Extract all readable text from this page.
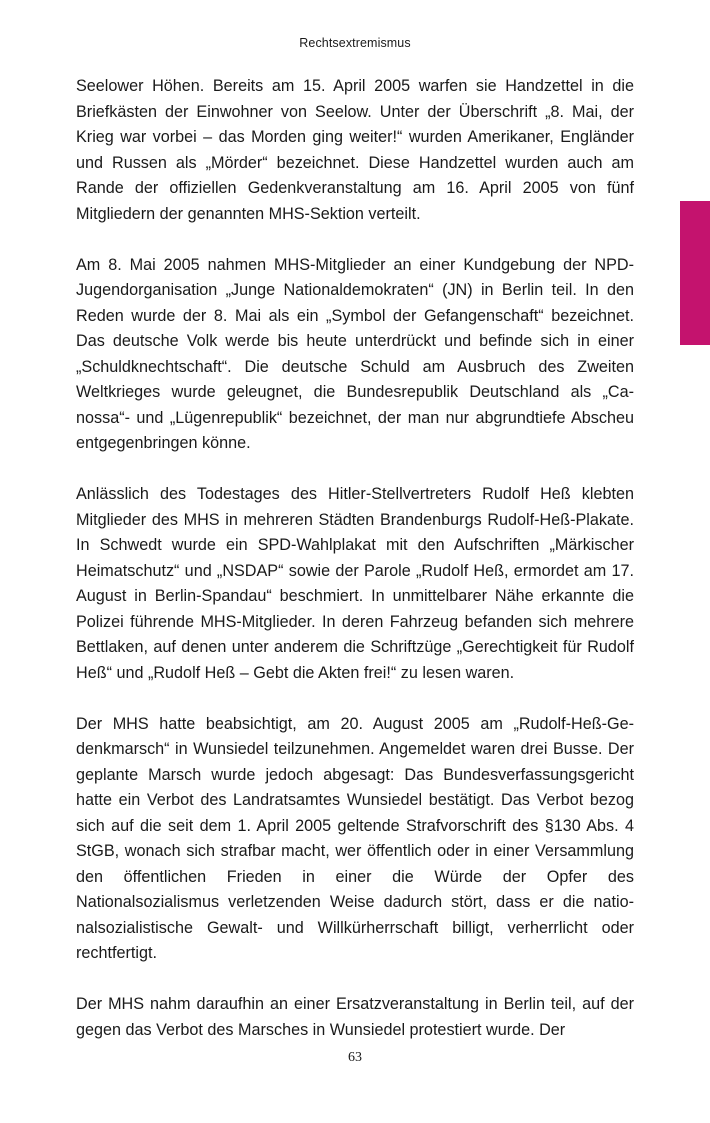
Rechtsextremismus

Seelower Höhen. Bereits am 15. April 2005 warfen sie Handzettel in die Briefkästen der Einwohner von Seelow. Unter der Überschrift „8. Mai, der Krieg war vorbei – das Morden ging weiter!“ wurden Amerikaner, Engländer und Russen als „Mörder“ bezeichnet. Diese Handzettel wurden auch am Rande der offiziellen Gedenkveranstaltung am 16. April 2005 von fünf Mitgliedern der genannten MHS-Sektion verteilt.

Am 8. Mai 2005 nahmen MHS-Mitglieder an einer Kundgebung der NPD-Jugendorganisation „Junge Nationaldemokraten“ (JN) in Berlin teil. In den Reden wurde der 8. Mai als ein „Symbol der Gefangenschaft“ bezeichnet. Das deutsche Volk werde bis heute unterdrückt und befinde sich in einer „Schuldknechtschaft“. Die deutsche Schuld am Ausbruch des Zweiten Weltkrieges wurde geleugnet, die Bundesrepublik Deutschland als „Canossa“- und „Lügenrepublik“ bezeichnet, der man nur abgrundtiefe Abscheu entgegenbringen könne.

Anlässlich des Todestages des Hitler-Stellvertreters Rudolf Heß klebten Mitglieder des MHS in mehreren Städten Brandenburgs Rudolf-Heß-Plakate. In Schwedt wurde ein SPD-Wahlplakat mit den Aufschriften „Märkischer Heimatschutz“ und „NSDAP“ sowie der Parole „Rudolf Heß, ermordet am 17. August in Berlin-Spandau“ beschmiert. In unmittelbarer Nähe erkannte die Polizei führende MHS-Mitglieder. In deren Fahrzeug befanden sich mehrere Bettlaken, auf denen unter anderem die Schriftzüge „Gerechtigkeit für Rudolf Heß“ und „Rudolf Heß – Gebt die Akten frei!“ zu lesen waren.

Der MHS hatte beabsichtigt, am 20. August 2005 am „Rudolf-Heß-Gedenkmarsch“ in Wunsiedel teilzunehmen. Angemeldet waren drei Busse. Der geplante Marsch wurde jedoch abgesagt: Das Bundesverfassungsgericht hatte ein Verbot des Landratsamtes Wunsiedel bestätigt. Das Verbot bezog sich auf die seit dem 1. April 2005 geltende Strafvorschrift des §130 Abs. 4 StGB, wonach sich strafbar macht, wer öffentlich oder in einer Versammlung den öffentlichen Frieden in einer die Würde der Opfer des Nationalsozialismus verletzenden Weise dadurch stört, dass er die nationalsozialistische Gewalt- und Willkürherrschaft billigt, verherrlicht oder rechtfertigt.

Der MHS nahm daraufhin an einer Ersatzveranstaltung in Berlin teil, auf der gegen das Verbot des Marsches in Wunsiedel protestiert wurde. Der

63
